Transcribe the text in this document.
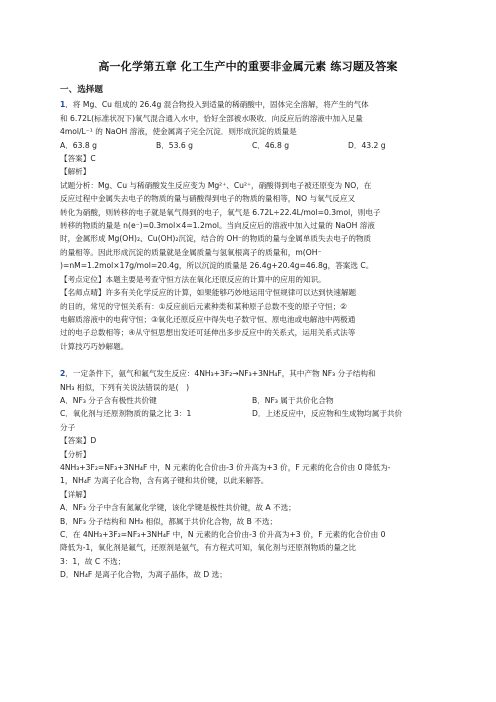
高一化学第五章 化工生产中的重要非金属元素 练习题及答案
一、选择题

1．将 Mg、Cu 组成的 26.4g 混合物投入到适量的稀硝酸中，固体完全溶解，将产生的气体

和 6.72L(标准状况下)氧气混合通入水中，恰好全部被水吸收．向反应后的溶液中加入足量

4mol/L⁻¹ 的 NaOH 溶液，使金属离子完全沉淀．则形成沉淀的质量是

A．63.8 g	B．53.6 g	C．46.8 g	D．43.2 g

【答案】C

【解析】

试题分析：Mg、Cu 与稀硝酸发生反应变为 Mg²⁺、Cu²⁺，硝酸得到电子被还原变为 NO，在

反应过程中金属失去电子的物质的量与硝酸得到电子的物质的量相等，NO 与氧气反应又

转化为硝酸，则转移的电子就是氧气得到的电子，氧气是 6.72L÷22.4L/mol=0.3mol，则电子

转移的物质的量是 n(e⁻)=0.3mol×4=1.2mol。当向反应后的溶液中加入过量的 NaOH 溶液

时，金属形成 Mg(OH)₂、Cu(OH)₂沉淀，结合的 OH⁻的物质的量与金属单质失去电子的物质

的量相等。因此形成沉淀的质量就是金属质量与氢氧根离子的质量和，m(OH⁻

)=nM=1.2mol×17g/mol=20.4g，所以沉淀的质量是 26.4g+20.4g=46.8g，答案选 C。

【考点定位】本题主要是考查守恒方法在氧化还原反应的计算中的应用的知识。

【名师点晴】许多有关化学反应的计算，如果能够巧妙地运用守恒规律可以达到快速解题

的目的，常见的守恒关系有：①反应前后元素种类和某种原子总数不变的原子守恒；②

电解质溶液中的电荷守恒；③氧化还原反应中得失电子数守恒、原电池或电解池中两极通

过的电子总数相等；④从守恒思想出发还可延伸出多步反应中的关系式，运用关系式法等

计算技巧巧妙解题。

2．一定条件下，氨气和氟气发生反应：4NH₃+3F₂→NF₃+3NH₄F，其中产物 NF₃ 分子结构和

NH₃ 相似，下列有关说法错误的是(　)

A．NF₃ 分子含有极性共价键	B．NF₃ 属于共价化合物
C．氧化剂与还原剂物质的量之比 3：1	D．上述反应中，反应物和生成物均属于共价

分子

【答案】D

【分析】

4NH₃+3F₂=NF₃+3NH₄F 中，N 元素的化合价由-3 价升高为+3 价，F 元素的化合价由 0 降低为-

1，NH₄F 为离子化合物，含有离子键和共价键，以此来解答。

【详解】

A．NF₃ 分子中含有氮氟化学键，该化学键是极性共价键，故 A 不选；

B．NF₃ 分子结构和 NH₃ 相似，都属于共价化合物，故 B 不选；

C．在 4NH₃+3F₂=NF₃+3NH₄F 中，N 元素的化合价由-3 价升高为+3 价，F 元素的化合价由 0

降低为-1，氧化剂是氟气，还原剂是氨气，有方程式可知，氧化剂与还原剂物质的量之比

3：1，故 C 不选；

D．NH₄F 是离子化合物，为离子晶体，故 D 选；
